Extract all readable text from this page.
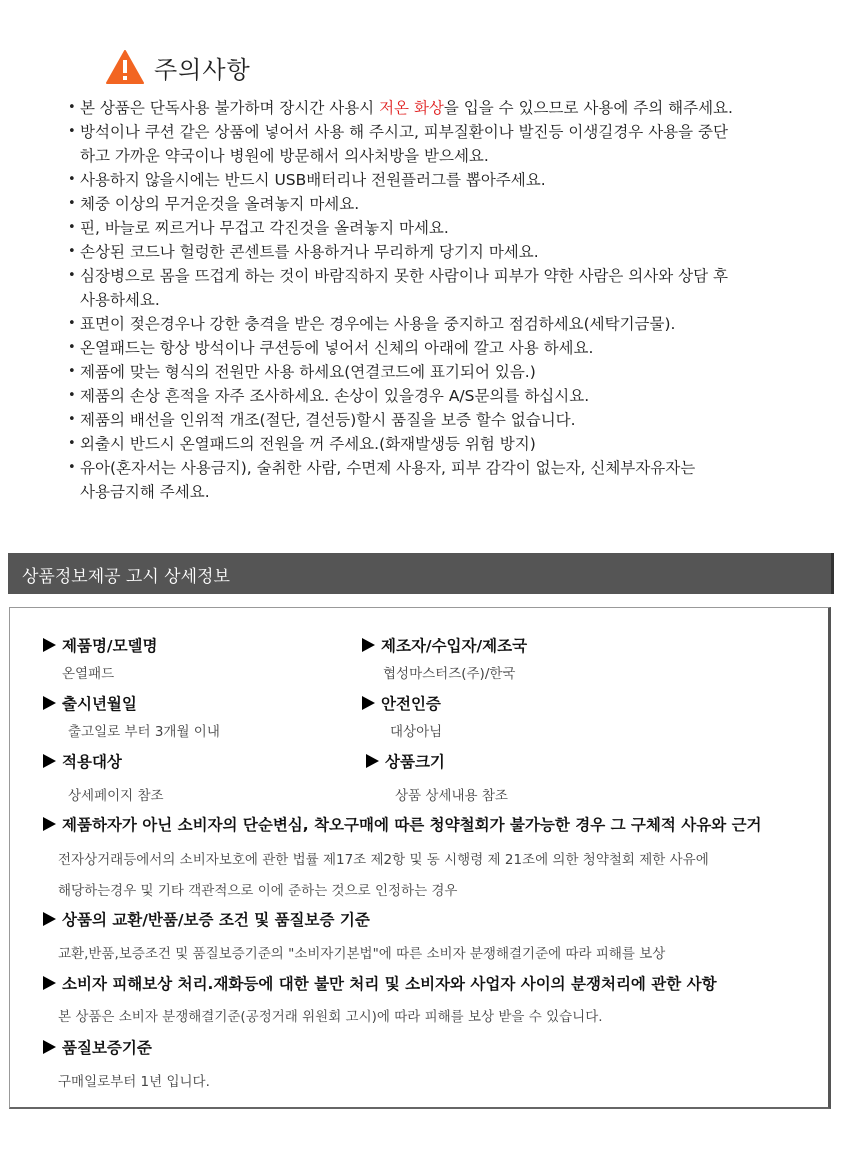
주의사항
• 본 상품은 단독사용 불가하며 장시간 사용시 저온 화상을 입을 수 있으므로 사용에 주의 해주세요.
• 방석이나 쿠션 같은 상품에 넣어서 사용 해 주시고, 피부질환이나 발진등 이생길경우 사용을 중단
하고 가까운 약국이나 병원에 방문해서 의사처방을 받으세요.
• 사용하지 않을시에는 반드시 USB배터리나 전원플러그를 뽑아주세요.
• 체중 이상의 무거운것을 올려놓지 마세요.
• 핀, 바늘로 찌르거나 무겁고 각진것을 올려놓지 마세요.
• 손상된 코드나 헐렁한 콘센트를 사용하거나 무리하게 당기지 마세요.
• 심장병으로 몸을 뜨겁게 하는 것이 바람직하지 못한 사람이나 피부가 약한 사람은 의사와 상담 후
사용하세요.
• 표면이 젖은경우나 강한 충격을 받은 경우에는 사용을 중지하고 점검하세요(세탁기금물).
• 온열패드는 항상 방석이나 쿠션등에 넣어서 신체의 아래에 깔고 사용 하세요.
• 제품에 맞는 형식의 전원만 사용 하세요(연결코드에 표기되어 있음.)
• 제품의 손상 흔적을 자주 조사하세요. 손상이 있을경우 A/S문의를 하십시요.
• 제품의 배선을 인위적 개조(절단, 결선등)할시 품질을 보증 할수 없습니다.
• 외출시 반드시 온열패드의 전원을 꺼 주세요.(화재발생등 위험 방지)
• 유아(혼자서는 사용금지), 술취한 사람, 수면제 사용자, 피부 감각이 없는자, 신체부자유자는
사용금지해 주세요.
상품정보제공 고시 상세정보
제품명/모델명
온열패드
제조자/수입자/제조국
협성마스터즈(주)/한국
출시년월일
출고일로 부터 3개월 이내
안전인증
대상아님
적용대상
상세페이지 참조
상품크기
상품 상세내용 참조
제품하자가 아닌 소비자의 단순변심, 착오구매에 따른 청약철회가 불가능한 경우 그 구체적 사유와 근거
전자상거래등에서의 소비자보호에 관한 법률 제17조 제2항 및 동 시행령 제 21조에 의한 청약철회 제한 사유에
해당하는경우 및 기타 객관적으로 이에 준하는 것으로 인정하는 경우
상품의 교환/반품/보증 조건 및 품질보증 기준
교환,반품,보증조건 및 품질보증기준의 "소비자기본법"에 따른 소비자 분쟁해결기준에 따라 피해를 보상
소비자 피해보상 처리.재화등에 대한 불만 처리 및 소비자와 사업자 사이의 분쟁처리에 관한 사항
본 상품은 소비자 분쟁해결기준(공정거래 위원회 고시)에 따라 피해를 보상 받을 수 있습니다.
품질보증기준
구매일로부터 1년 입니다.
